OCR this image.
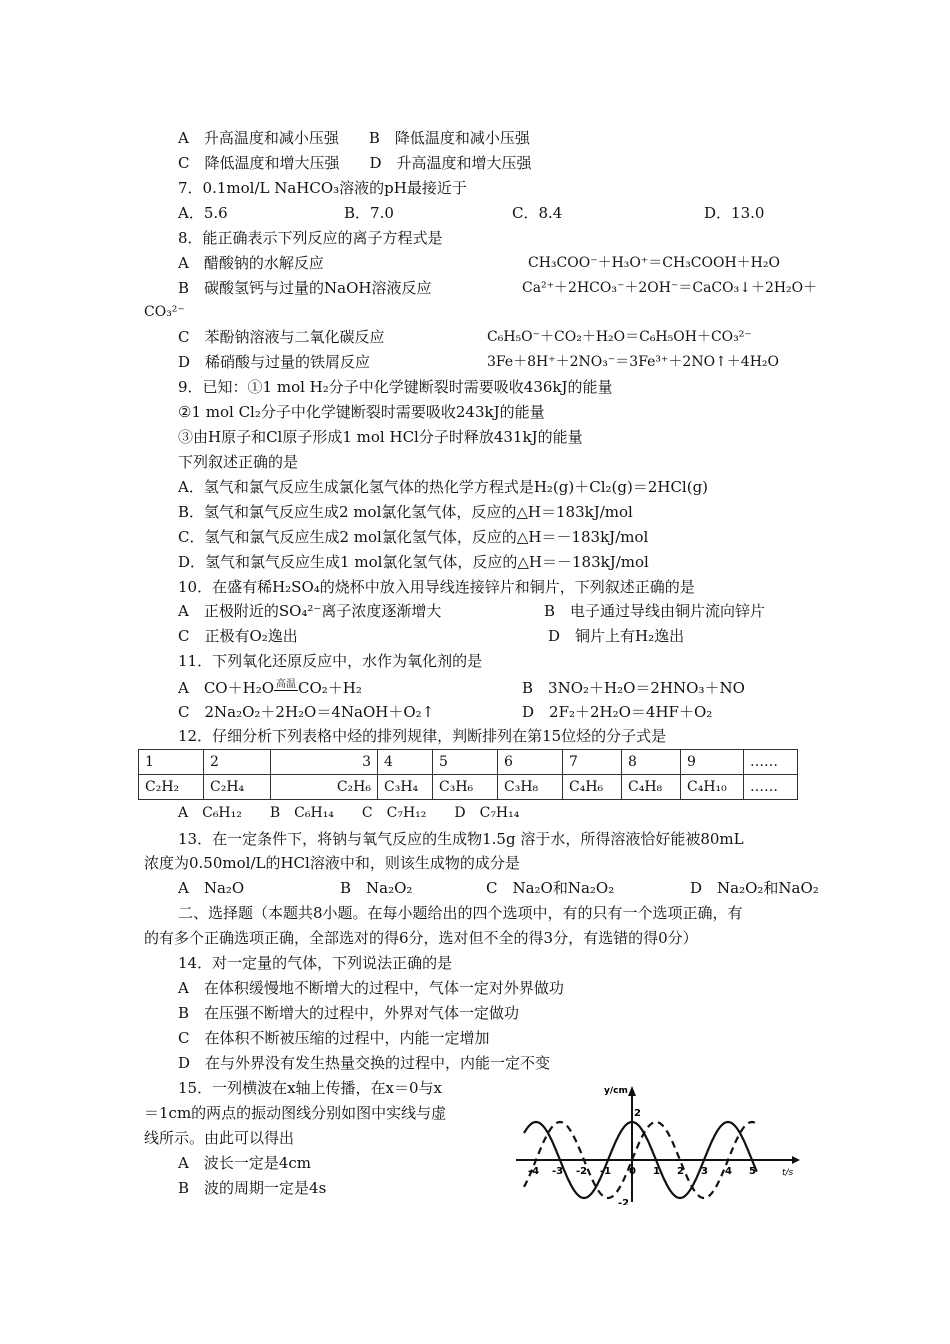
A　升高温度和减小压强　　B　降低温度和减小压强
C　降低温度和增大压强　　D　升高温度和增大压强
7．0.1mol/L NaHCO₃溶液的pH最接近于
A．5.6	B．7.0	C．8.4	D．13.0
8．能正确表示下列反应的离子方程式是
A　醋酸钠的水解反应	CH₃COO⁻＋H₃O⁺＝CH₃COOH＋H₂O
B　碳酸氢钙与过量的NaOH溶液反应	Ca²⁺＋2HCO₃⁻＋2OH⁻＝CaCO₃↓＋2H₂O＋
CO₃²⁻
C　苯酚钠溶液与二氧化碳反应	C₆H₅O⁻＋CO₂＋H₂O＝C₆H₅OH＋CO₃²⁻
D　稀硝酸与过量的铁屑反应	3Fe＋8H⁺＋2NO₃⁻＝3Fe³⁺＋2NO↑＋4H₂O
9．已知：①1 mol H₂分子中化学键断裂时需要吸收436kJ的能量
②1 mol Cl₂分子中化学键断裂时需要吸收243kJ的能量
③由H原子和Cl原子形成1 mol HCl分子时释放431kJ的能量
下列叙述正确的是
A．氢气和氯气反应生成氯化氢气体的热化学方程式是H₂(g)＋Cl₂(g)＝2HCl(g)
B．氢气和氯气反应生成2 mol氯化氢气体，反应的△H＝183kJ/mol
C．氢气和氯气反应生成2 mol氯化氢气体，反应的△H＝－183kJ/mol
D．氢气和氯气反应生成1 mol氯化氢气体，反应的△H＝－183kJ/mol
10．在盛有稀H₂SO₄的烧杯中放入用导线连接锌片和铜片，下列叙述正确的是
A　正极附近的SO₄²⁻离子浓度逐渐增大	B　电子通过导线由铜片流向锌片
C　正极有O₂逸出	D　铜片上有H₂逸出
11．下列氧化还原反应中，水作为氧化剂的是
A　CO＋H₂O 高温 CO₂＋H₂	B　3NO₂＋H₂O＝2HNO₃＋NO
C　2Na₂O₂＋2H₂O＝4NaOH＋O₂↑	D　2F₂＋2H₂O＝4HF＋O₂
12．仔细分析下列表格中烃的排列规律，判断排列在第15位烃的分子式是
1	2	3	4	5	6	7	8	9	……
C₂H₂	C₂H₄	C₂H₆	C₃H₄	C₃H₆	C₃H₈	C₄H₆	C₄H₈	C₄H₁₀	……
A　C₆H₁₂　　B　C₆H₁₄　　C　C₇H₁₂　　D　C₇H₁₄
13．在一定条件下，将钠与氧气反应的生成物1.5g 溶于水，所得溶液恰好能被80mL
浓度为0.50mol/L的HCl溶液中和，则该生成物的成分是
A　Na₂O	B　Na₂O₂	C　Na₂O和Na₂O₂	D　Na₂O₂和NaO₂
二、选择题（本题共8小题。在每小题给出的四个选项中，有的只有一个选项正确，有
的有多个正确选项正确，全部选对的得6分，选对但不全的得3分，有选错的得0分）
14．对一定量的气体，下列说法正确的是
A　在体积缓慢地不断增大的过程中，气体一定对外界做功
B　在压强不断增大的过程中，外界对气体一定做功
C　在体积不断被压缩的过程中，内能一定增加
D　在与外界没有发生热量交换的过程中，内能一定不变
15．一列横波在x轴上传播，在x＝0与x
＝1cm的两点的振动图线分别如图中实线与虚
线所示。由此可以得出
A　波长一定是4cm
B　波的周期一定是4s
y/cm
t/s
2
-2
-4 -3 -2 -1 0 1 2 3 4 5
